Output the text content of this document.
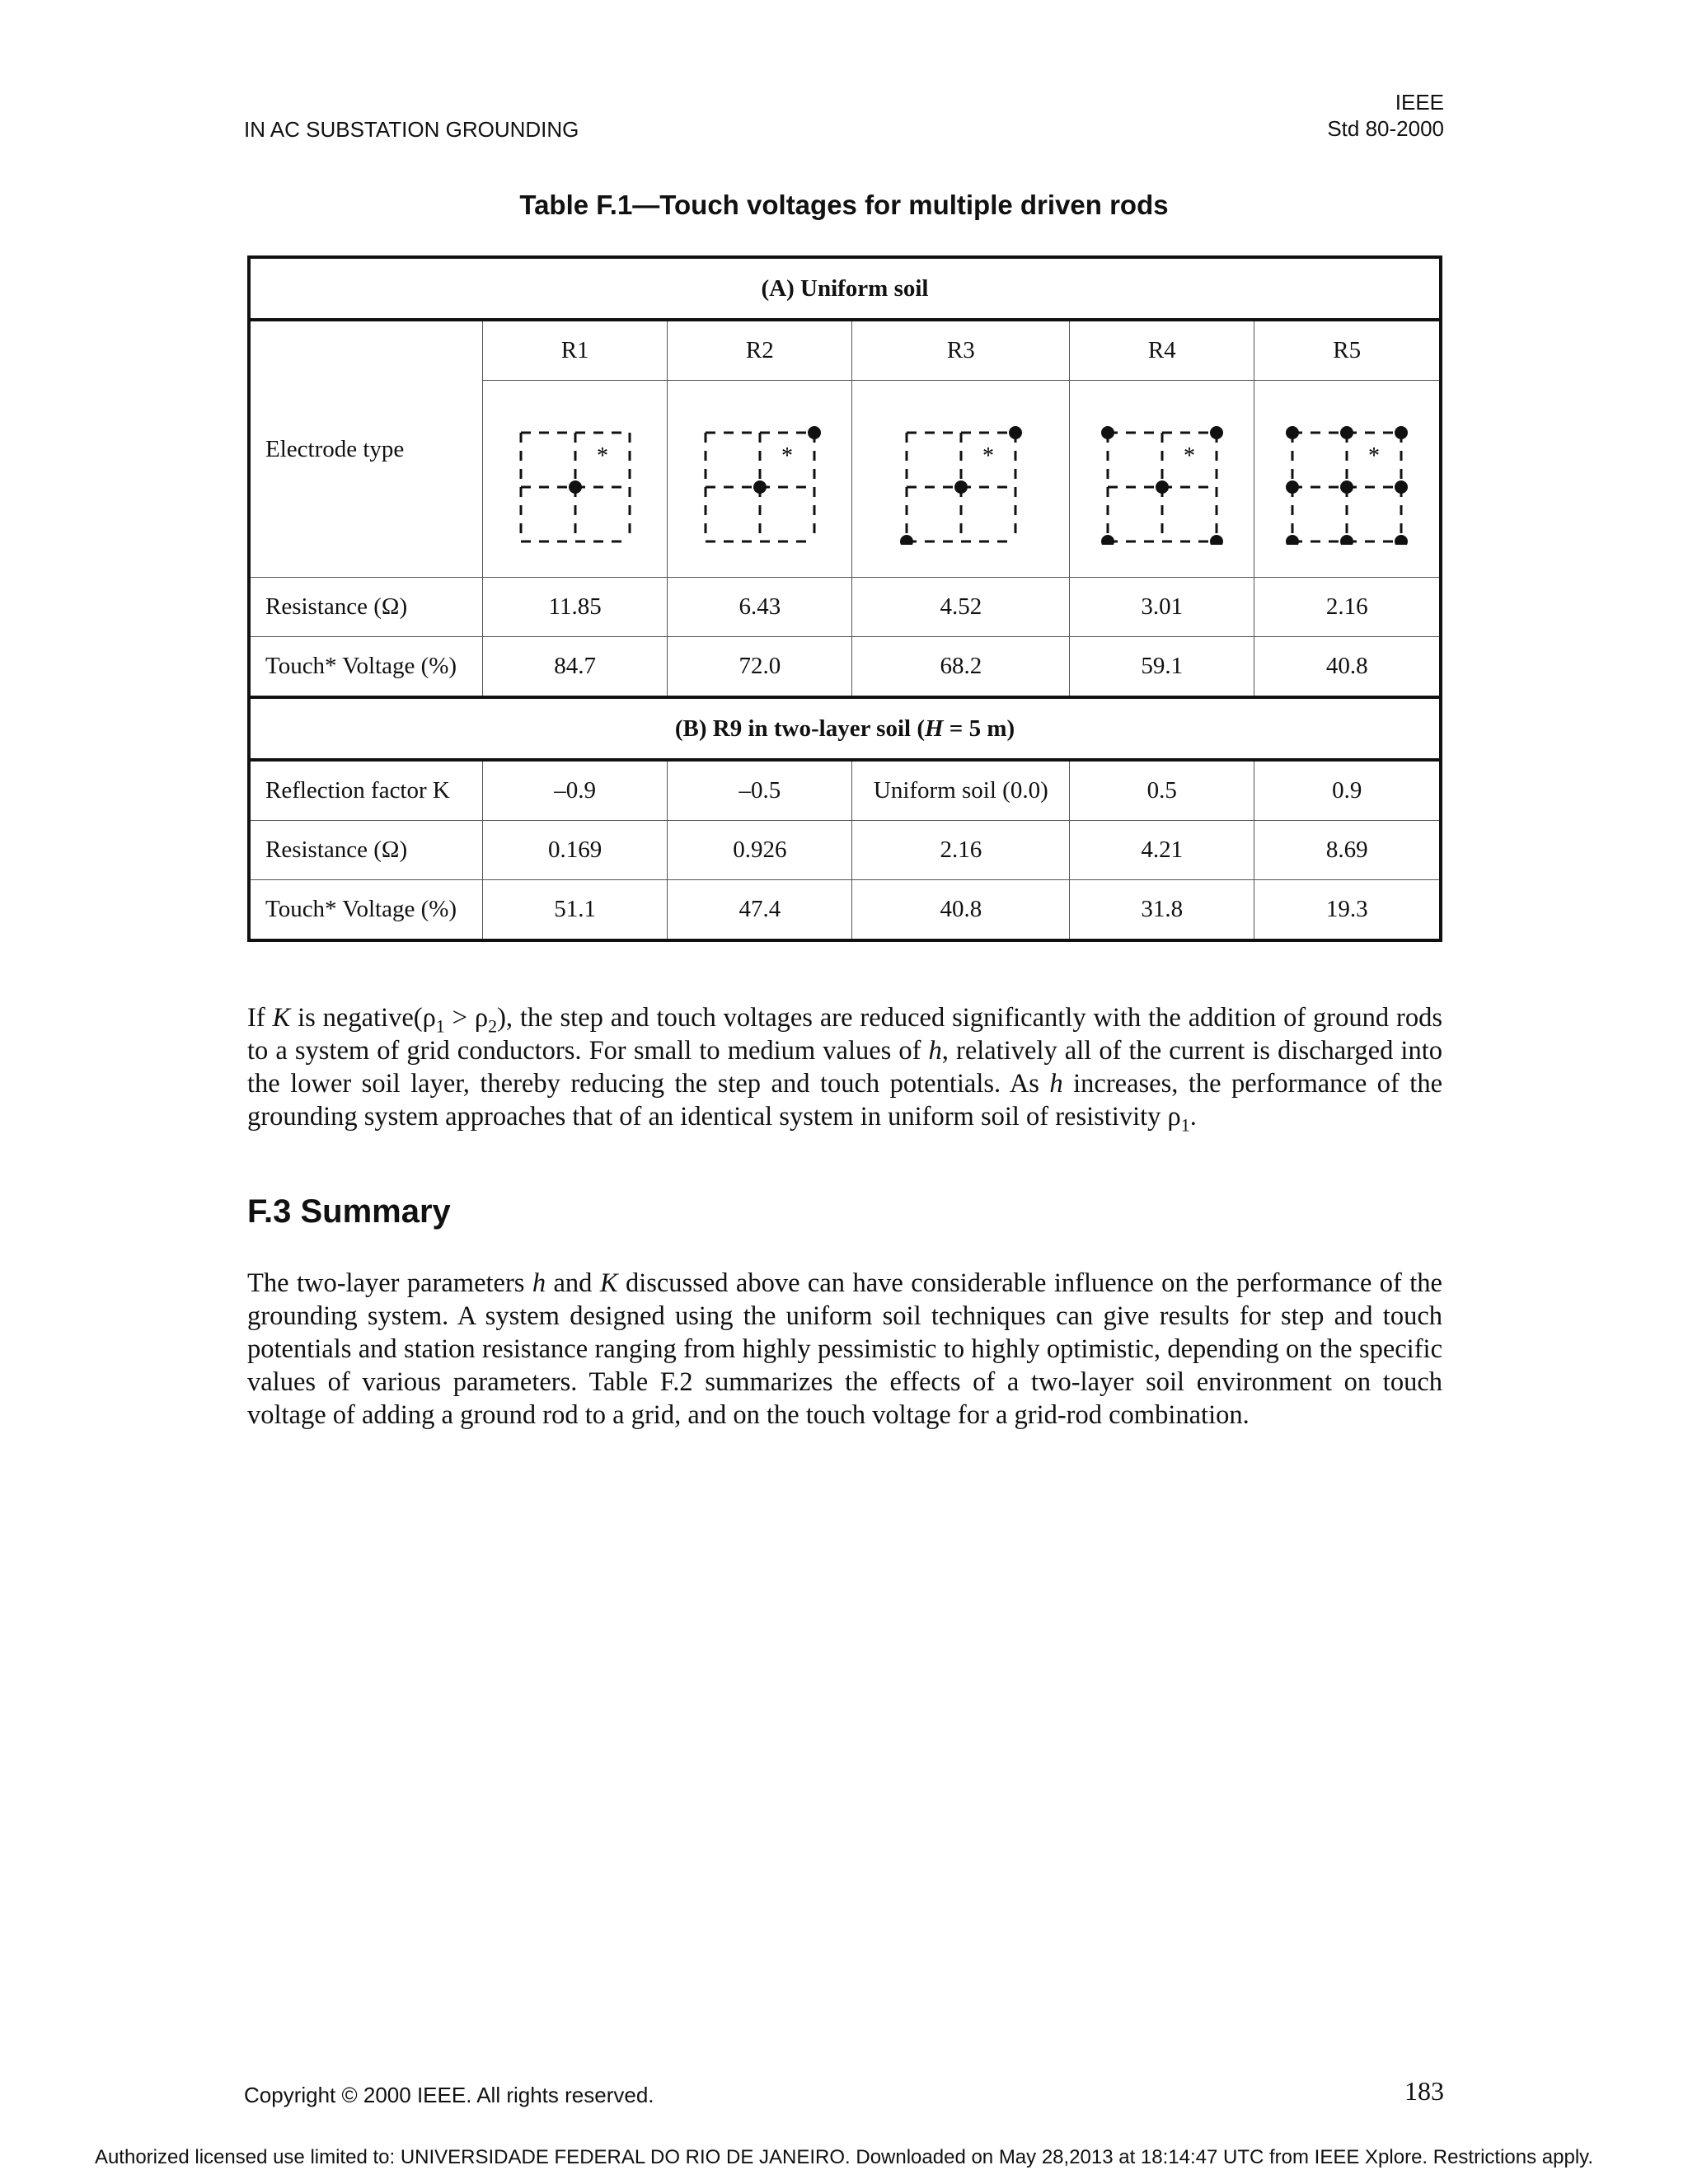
IN AC SUBSTATION GROUNDING
IEEE
Std 80-2000
Table F.1—Touch voltages for multiple driven rods
(A) Uniform soil					
Electrode type	R1	R2	R3	R4	R5

*	*	*	*	*

Resistance (Ω)	11.85	6.43	4.52	3.01	2.16
Touch* Voltage (%)	84.7	72.0	68.2	59.1	40.8
(B) R9 in two-layer soil (H = 5 m)					
Reflection factor K	–0.9	–0.5	Uniform soil (0.0)	0.5	0.9
Resistance (Ω)	0.169	0.926	2.16	4.21	8.69
Touch* Voltage (%)	51.1	47.4	40.8	31.8	19.3
If K is $negative(\rho_1 > \rho_2)$, the step and touch voltages are reduced significantly with the addition of ground rods to a system of grid conductors. For small to medium values of h, relatively all of the current is discharged into the lower soil layer, thereby reducing the step and touch potentials. As h increases, the performance of the grounding system approaches that of an identical system in uniform soil of resistivity $\rho_1$.
F.3 Summary
The two-layer parameters h and K discussed above can have considerable influence on the performance of the grounding system. A system designed using the uniform soil techniques can give results for step and touch potentials and station resistance ranging from highly pessimistic to highly optimistic, depending on the specific values of various parameters. Table F.2 summarizes the effects of a two-layer soil environment on touch voltage of adding a ground rod to a grid, and on the touch voltage for a grid-rod combination.
Copyright © 2000 IEEE. All rights reserved.	183
Authorized licensed use limited to: UNIVERSIDADE FEDERAL DO RIO DE JANEIRO. Downloaded on May 28,2013 at 18:14:47 UTC from IEEE Xplore. Restrictions apply.
